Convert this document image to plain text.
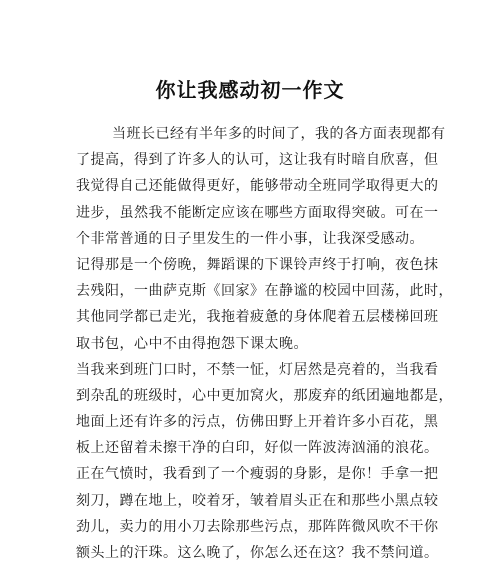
你让我感动初一作文
当班长已经有半年多的时间了，我的各方面表现都有
了提高，得到了许多人的认可，这让我有时暗自欣喜，但
我觉得自己还能做得更好，能够带动全班同学取得更大的
进步，虽然我不能断定应该在哪些方面取得突破。可在一
个非常普通的日子里发生的一件小事，让我深受感动。
记得那是一个傍晚，舞蹈课的下课铃声终于打响，夜色抹
去残阳，一曲萨克斯《回家》在静谧的校园中回荡，此时，
其他同学都已走光，我拖着疲惫的身体爬着五层楼梯回班
取书包，心中不由得抱怨下课太晚。
当我来到班门口时，不禁一怔，灯居然是亮着的，当我看
到杂乱的班级时，心中更加窝火，那废弃的纸团遍地都是，
地面上还有许多的污点，仿佛田野上开着许多小百花，黑
板上还留着未擦干净的白印，好似一阵波涛汹涌的浪花。
正在气愤时，我看到了一个瘦弱的身影，是你！手拿一把
刻刀，蹲在地上，咬着牙，皱着眉头正在和那些小黑点较
劲儿，卖力的用小刀去除那些污点，那阵阵微风吹不干你
额头上的汗珠。这么晚了，你怎么还在这？我不禁问道。
